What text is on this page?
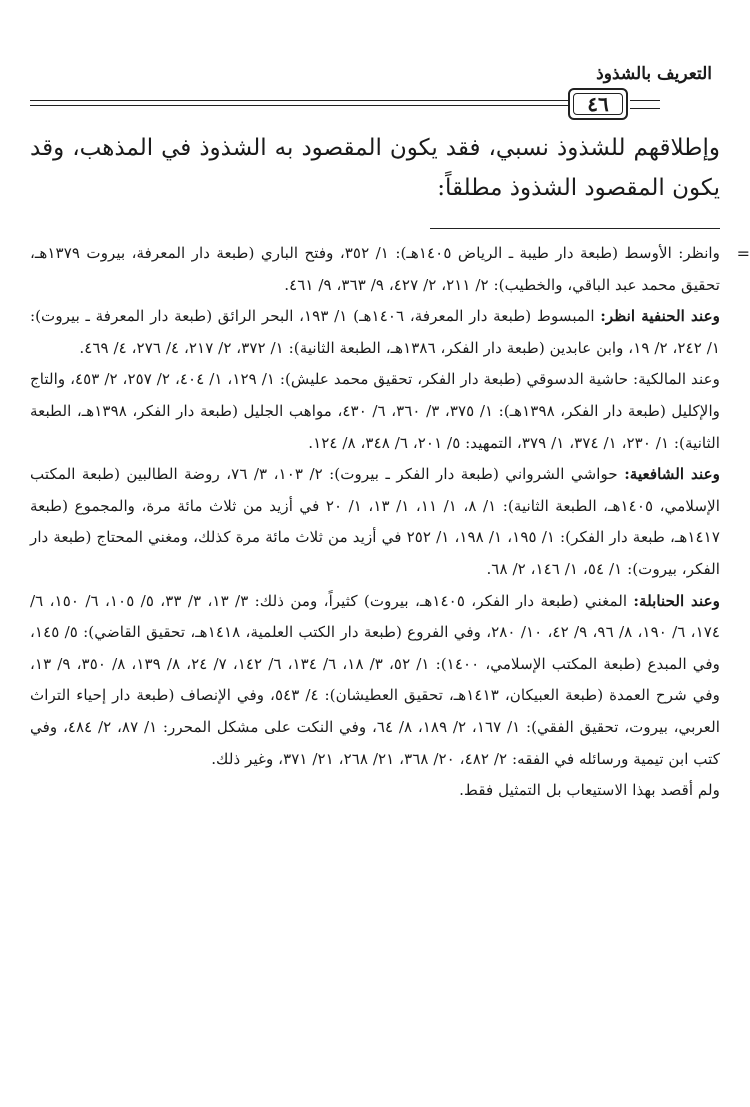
التعريف بالشذوذ
٤٦

وإطلاقهم للشذوذ نسبي، فقد يكون المقصود به الشذوذ في المذهب، وقد يكون المقصود الشذوذ مطلقاً:

=

وانظر: الأوسط (طبعة دار طيبة ـ الرياض ١٤٠٥هـ): ١/ ٣٥٢، وفتح الباري (طبعة دار المعرفة، بيروت ١٣٧٩هـ، تحقيق محمد عبد الباقي، والخطيب): ٢/ ٢١١، ٢/ ٤٢٧، ٩/ ٣٦٣، ٩/ ٤٦١.

وعند الحنفية انظر: المبسوط (طبعة دار المعرفة، ١٤٠٦هـ) ١/ ١٩٣، البحر الرائق (طبعة دار المعرفة ـ بيروت): ١/ ٢٤٢، ٢/ ١٩، وابن عابدين (طبعة دار الفكر، ١٣٨٦هـ، الطبعة الثانية): ١/ ٣٧٢، ٢/ ٢١٧، ٤/ ٢٧٦، ٤/ ٤٦٩.

وعند المالكية: حاشية الدسوقي (طبعة دار الفكر، تحقيق محمد عليش): ١/ ١٢٩، ١/ ٤٠٤، ٢/ ٢٥٧، ٢/ ٤٥٣، والتاج والإكليل (طبعة دار الفكر، ١٣٩٨هـ): ١/ ٣٧٥، ٣/ ٣٦٠، ٦/ ٤٣٠، مواهب الجليل (طبعة دار الفكر، ١٣٩٨هـ، الطبعة الثانية): ١/ ٢٣٠، ١/ ٣٧٤، ١/ ٣٧٩، التمهيد: ٥/ ٢٠١، ٦/ ٣٤٨، ٨/ ١٢٤.

وعند الشافعية: حواشي الشرواني (طبعة دار الفكر ـ بيروت): ٢/ ١٠٣، ٣/ ٧٦، روضة الطالبين (طبعة المكتب الإسلامي، ١٤٠٥هـ، الطبعة الثانية): ١/ ٨، ١/ ١١، ١/ ١٣، ١/ ٢٠ في أزيد من ثلاث مائة مرة، والمجموع (طبعة ١٤١٧هـ، طبعة دار الفكر): ١/ ١٩٥، ١/ ١٩٨، ١/ ٢٥٢ في أزيد من ثلاث مائة مرة كذلك، ومغني المحتاج (طبعة دار الفكر، بيروت): ١/ ٥٤، ١/ ١٤٦، ٢/ ٦٨.

وعند الحنابلة: المغني (طبعة دار الفكر، ١٤٠٥هـ، بيروت) كثيراً، ومن ذلك: ٣/ ١٣، ٣/ ٣٣، ٥/ ١٠٥، ٦/ ١٥٠، ٦/ ١٧٤، ٦/ ١٩٠، ٨/ ٩٦، ٩/ ٤٢، ١٠/ ٢٨٠، وفي الفروع (طبعة دار الكتب العلمية، ١٤١٨هـ، تحقيق القاضي): ٥/ ١٤٥، وفي المبدع (طبعة المكتب الإسلامي، ١٤٠٠): ١/ ٥٢، ٣/ ١٨، ٦/ ١٣٤، ٦/ ١٤٢، ٧/ ٢٤، ٨/ ١٣٩، ٨/ ٣٥٠، ٩/ ١٣، وفي شرح العمدة (طبعة العبيكان، ١٤١٣هـ، تحقيق العطيشان): ٤/ ٥٤٣، وفي الإنصاف (طبعة دار إحياء التراث العربي، بيروت، تحقيق الفقي): ١/ ١٦٧، ٢/ ١٨٩، ٨/ ٦٤، وفي النكت على مشكل المحرر: ١/ ٨٧، ٢/ ٤٨٤، وفي كتب ابن تيمية ورسائله في الفقه: ٢/ ٤٨٢، ٢٠/ ٣٦٨، ٢١/ ٢٦٨، ٢١/ ٣٧١، وغير ذلك.

ولم أقصد بهذا الاستيعاب بل التمثيل فقط.
